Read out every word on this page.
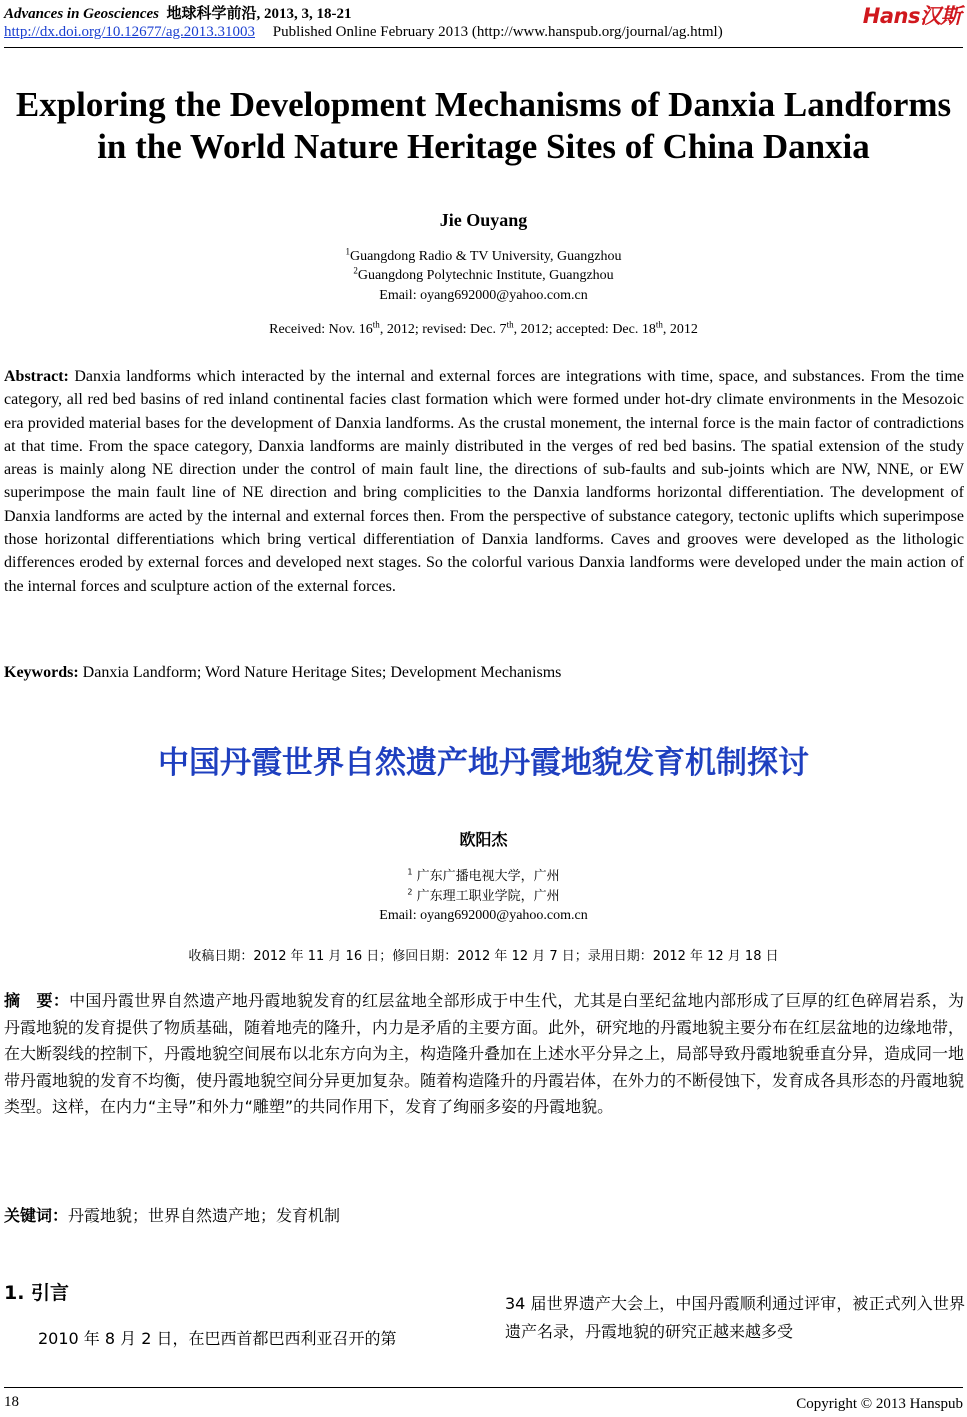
Advances in Geosciences 地球科学前沿, 2013, 3, 18-21	Hans汉斯
http://dx.doi.org/10.12677/ag.2013.31003 Published Online February 2013 (http://www.hanspub.org/journal/ag.html)
Exploring the Development Mechanisms of Danxia Landforms
in the World Nature Heritage Sites of China Danxia
Jie Ouyang
$^1$Guangdong Radio & TV University, Guangzhou
$^2$Guangdong Polytechnic Institute, Guangzhou
Email: oyang692000@yahoo.com.cn
Received: Nov. 16th, 2012; revised: Dec. 7th, 2012; accepted: Dec. 18th, 2012
Abstract: Danxia landforms which interacted by the internal and external forces are integrations with time, space, and substances. From the time category, all red bed basins of red inland continental facies clast formation which were formed under hot-dry climate environments in the Mesozoic era provided material bases for the development of Danxia landforms. As the crustal monement, the internal force is the main factor of contradictions at that time. From the space category, Danxia landforms are mainly distributed in the verges of red bed basins. The spatial extension of the study areas is mainly along NE direction under the control of main fault line, the directions of sub-faults and sub-joints which are NW, NNE, or EW superimpose the main fault line of NE direction and bring complicities to the Danxia landforms horizontal differentiation. The development of Danxia landforms are acted by the internal and external forces then. From the perspective of substance category, tectonic uplifts which superimpose those horizontal differentiations which bring vertical differentiation of Danxia landforms. Caves and grooves were developed as the lithologic differences eroded by external forces and developed next stages. So the colorful various Danxia landforms were developed under the main action of the internal forces and sculpture action of the external forces.
Keywords: Danxia Landform; Word Nature Heritage Sites; Development Mechanisms
中国丹霞世界自然遗产地丹霞地貌发育机制探讨
欧阳杰
$^1$ 广东广播电视大学，广州
$^2$ 广东理工职业学院，广州
Email: oyang692000@yahoo.com.cn
收稿日期：2012 年 11 月 16 日；修回日期：2012 年 12 月 7 日；录用日期：2012 年 12 月 18 日
摘　要：中国丹霞世界自然遗产地丹霞地貌发育的红层盆地全部形成于中生代，尤其是白垩纪盆地内部形成了巨厚的红色碎屑岩系，为丹霞地貌的发育提供了物质基础，随着地壳的隆升，内力是矛盾的主要方面。此外，研究地的丹霞地貌主要分布在红层盆地的边缘地带，在大断裂线的控制下，丹霞地貌空间展布以北东方向为主，构造隆升叠加在上述水平分异之上，局部导致丹霞地貌垂直分异，造成同一地带丹霞地貌的发育不均衡，使丹霞地貌空间分异更加复杂。随着构造隆升的丹霞岩体，在外力的不断侵蚀下，发育成各具形态的丹霞地貌类型。这样，在内力“主导”和外力“雕塑”的共同作用下，发育了绚丽多姿的丹霞地貌。
关键词：丹霞地貌；世界自然遗产地；发育机制
1. 引言
2010 年 8 月 2 日，在巴西首都巴西利亚召开的第
34 届世界遗产大会上，中国丹霞顺利通过评审，被正式列入世界遗产名录，丹霞地貌的研究正越来越多受
18	Copyright © 2013 Hanspub
